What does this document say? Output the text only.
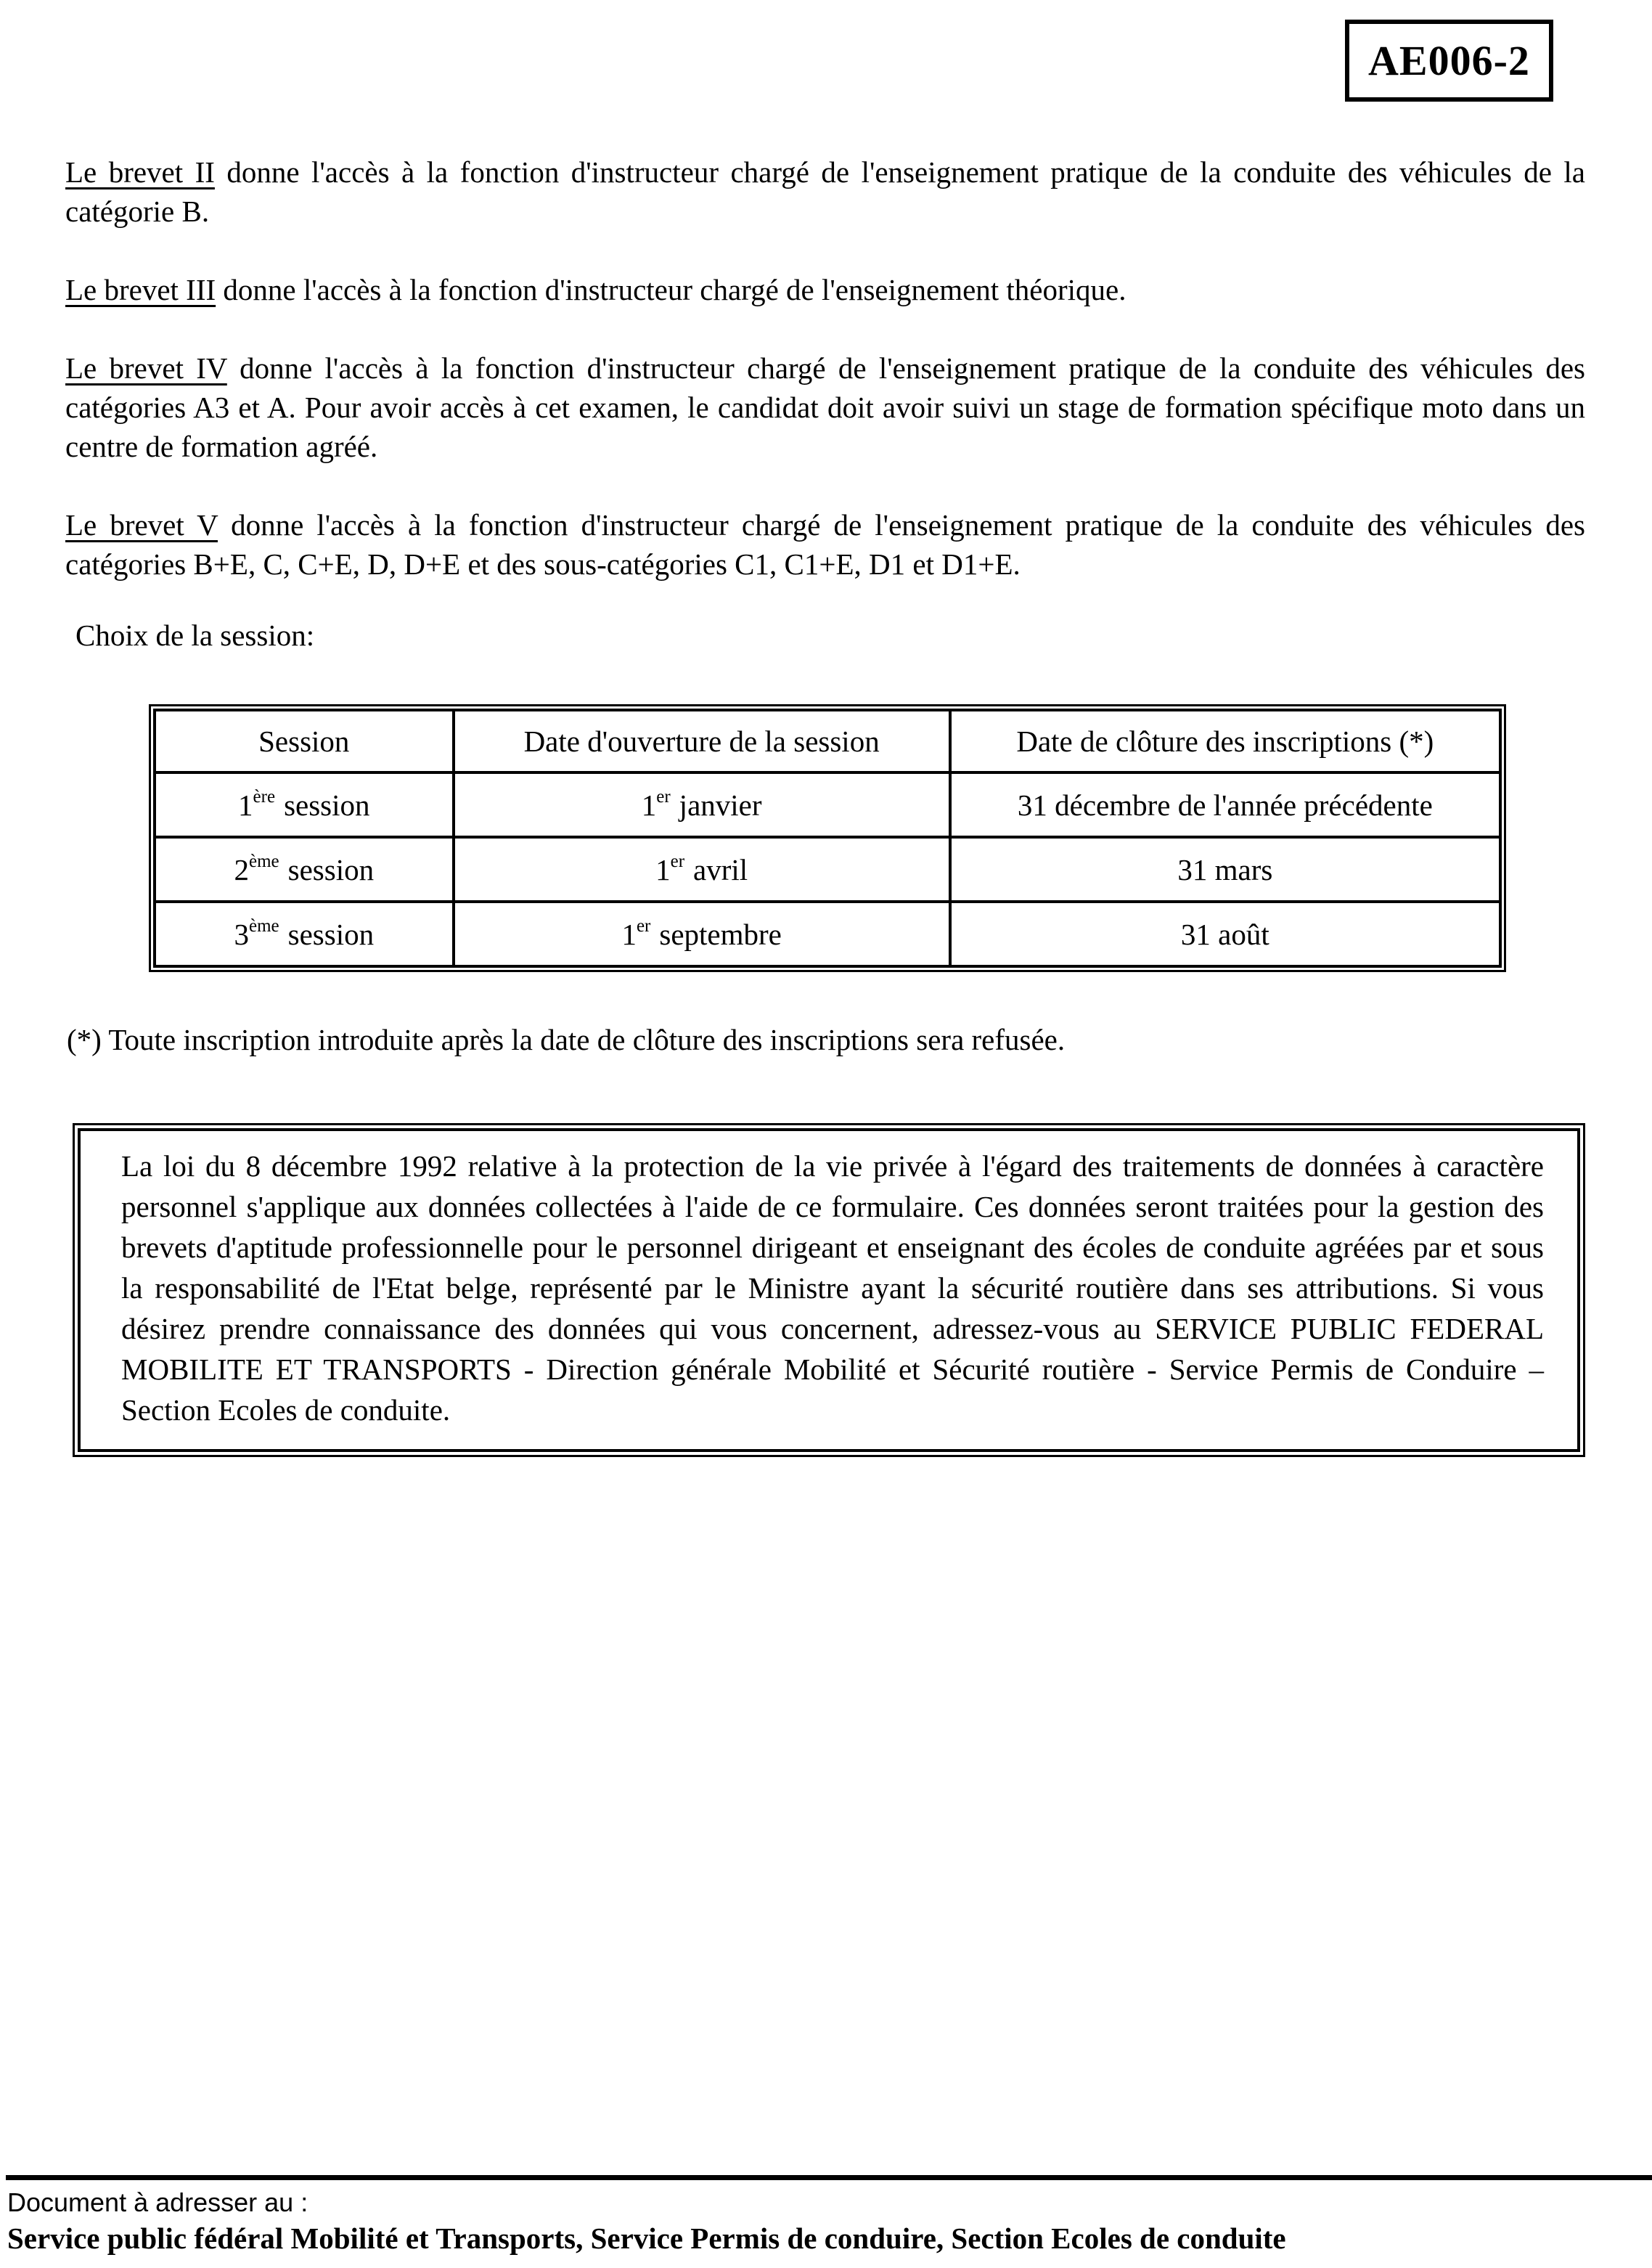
AE006-2

Le brevet II donne l'accès à la fonction d'instructeur chargé de l'enseignement pratique de la conduite des véhicules de la catégorie B.

Le brevet III donne l'accès à la fonction d'instructeur chargé de l'enseignement théorique.

Le brevet IV donne l'accès à la fonction d'instructeur chargé de l'enseignement pratique de la conduite des véhicules des catégories A3 et A. Pour avoir accès à cet examen, le candidat doit avoir suivi un stage de formation spécifique moto dans un centre de formation agréé.

Le brevet V donne l'accès à la fonction d'instructeur chargé de l'enseignement pratique de la conduite des véhicules des catégories B+E, C, C+E, D, D+E et des sous-catégories C1, C1+E, D1 et D1+E.

Choix de la session:

Session	Date d'ouverture de la session	Date de clôture des inscriptions (*)
1ère session	1er janvier	31 décembre de l'année précédente
2ème session	1er avril	31 mars
3ème session	1er septembre	31 août

(*) Toute inscription introduite après la date de clôture des inscriptions sera refusée.

La loi du 8 décembre 1992 relative à la protection de la vie privée à l'égard des traitements de données à caractère personnel s'applique aux données collectées à l'aide de ce formulaire. Ces données seront traitées pour la gestion des brevets d'aptitude professionnelle pour le personnel dirigeant et enseignant des écoles de conduite agréées par et sous la responsabilité de l'Etat belge, représenté par le Ministre ayant la sécurité routière dans ses attributions. Si vous désirez prendre connaissance des données qui vous concernent, adressez-vous au SERVICE PUBLIC FEDERAL MOBILITE ET TRANSPORTS - Direction générale Mobilité et Sécurité routière - Service Permis de Conduire – Section Ecoles de conduite.
Document à adresser au :
Service public fédéral Mobilité et Transports, Service Permis de conduire, Section Ecoles de conduite
